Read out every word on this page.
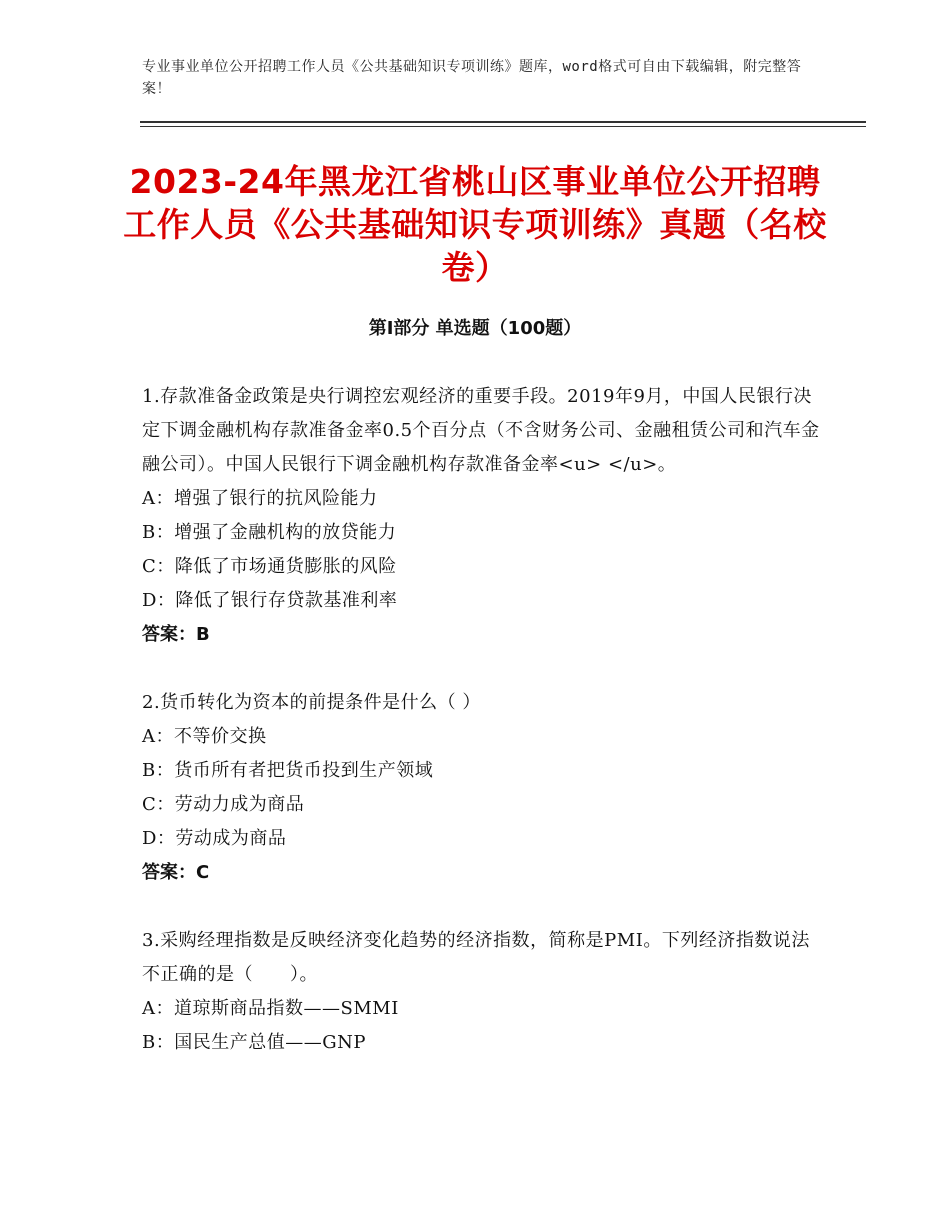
专业事业单位公开招聘工作人员《公共基础知识专项训练》题库，word格式可自由下载编辑，附完整答案！
2023-24年黑龙江省桃山区事业单位公开招聘工作人员《公共基础知识专项训练》真题（名校卷）
第Ⅰ部分 单选题（100题）
1.存款准备金政策是央行调控宏观经济的重要手段。2019年9月，中国人民银行决定下调金融机构存款准备金率0.5个百分点（不含财务公司、金融租赁公司和汽车金融公司）。中国人民银行下调金融机构存款准备金率<u> </u>。
A：增强了银行的抗风险能力
B：增强了金融机构的放贷能力
C：降低了市场通货膨胀的风险
D：降低了银行存贷款基准利率
答案：B
2.货币转化为资本的前提条件是什么（ ）
A：不等价交换
B：货币所有者把货币投到生产领域
C：劳动力成为商品
D：劳动成为商品
答案：C
3.采购经理指数是反映经济变化趋势的经济指数，简称是PMI。下列经济指数说法不正确的是（　　）。
A：道琼斯商品指数——SMMI
B：国民生产总值——GNP
